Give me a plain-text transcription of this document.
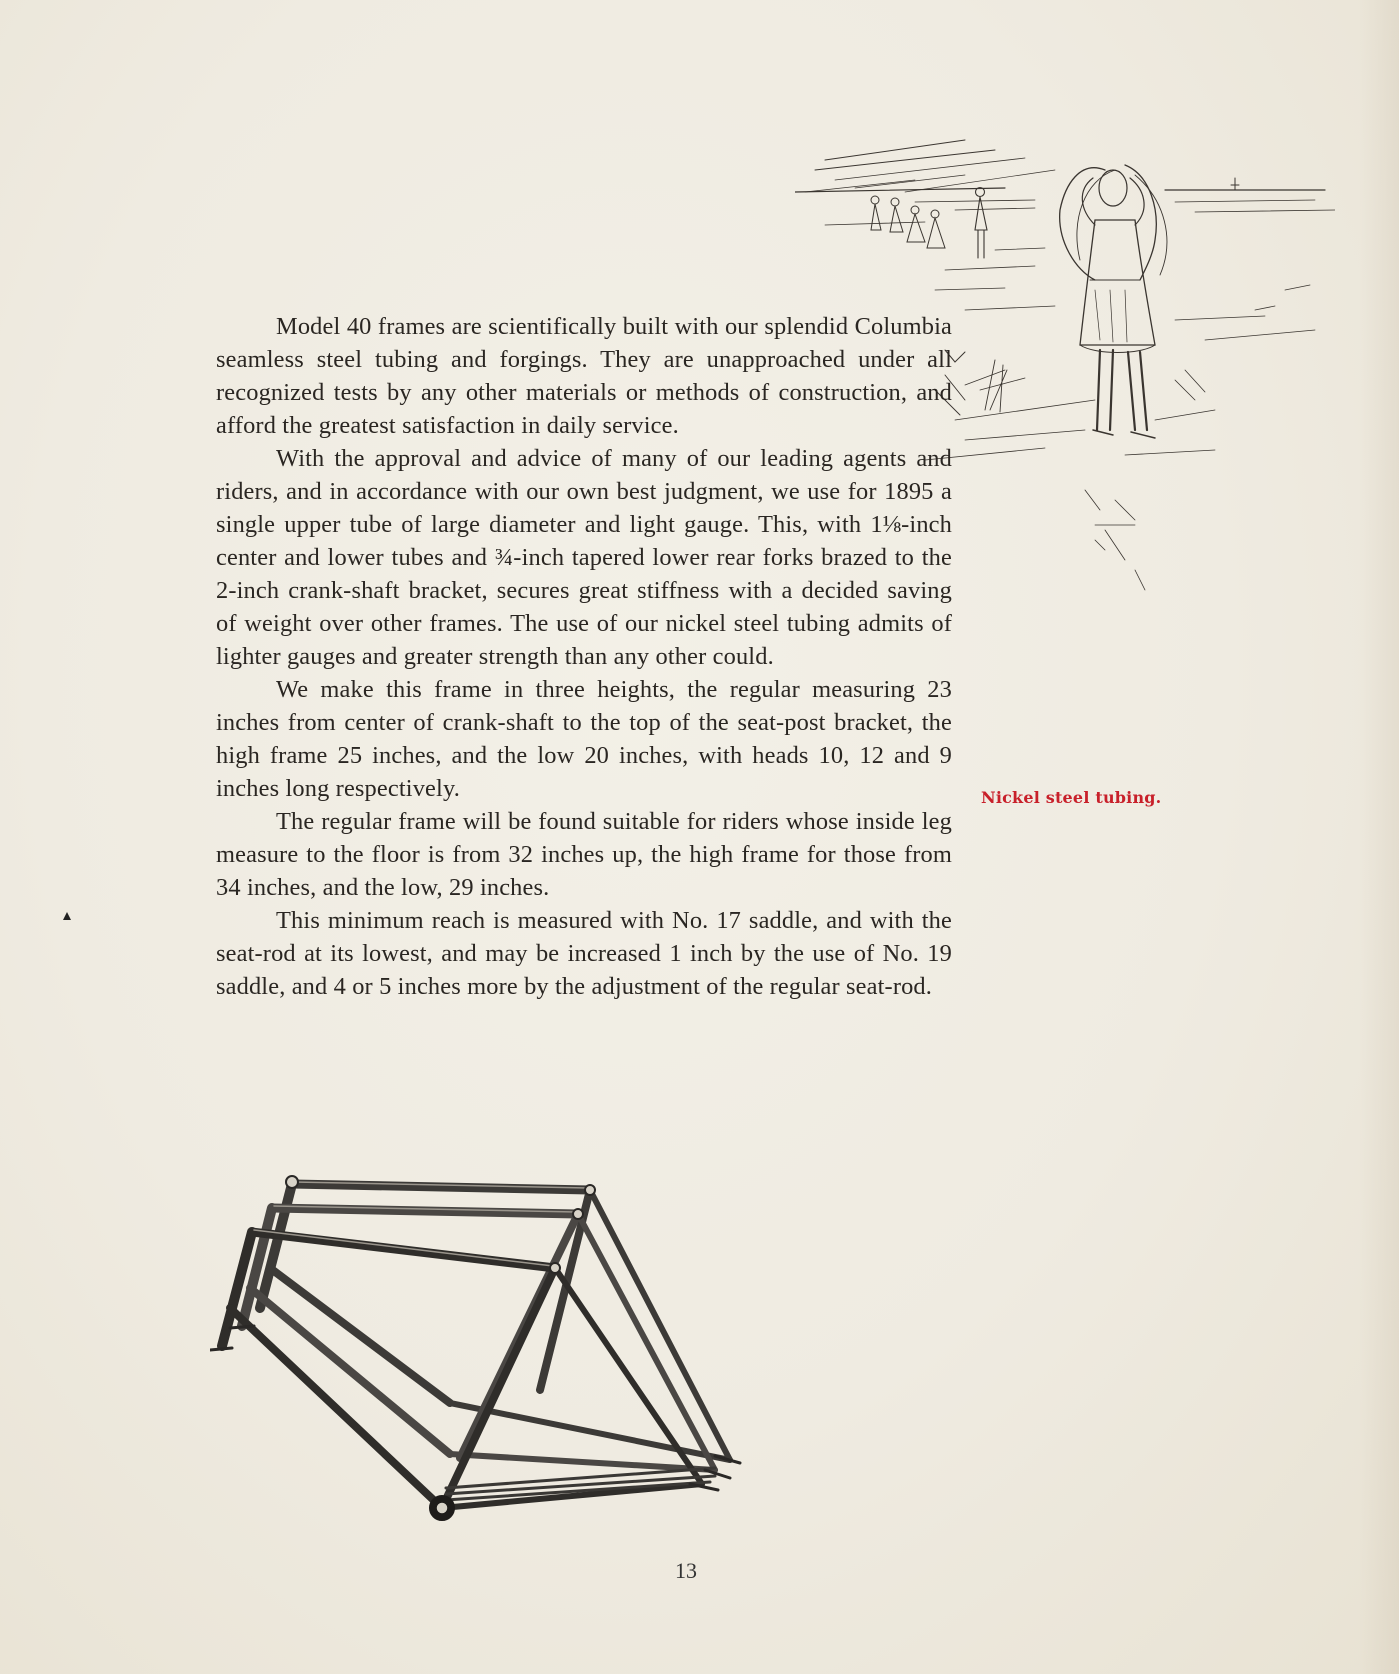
Model 40 frames are scientifically built with our splendid Columbia seamless steel tubing and forgings. They are unapproached under all recognized tests by any other materials or methods of construction, and afford the greatest satisfaction in daily service.

With the approval and advice of many of our leading agents and riders, and in accordance with our own best judgment, we use for 1895 a single upper tube of large diameter and light gauge. This, with 1⅛-inch center and lower tubes and ¾-inch tapered lower rear forks brazed to the 2-inch crank-shaft bracket, secures great stiffness with a decided saving of weight over other frames. The use of our nickel steel tubing admits of lighter gauges and greater strength than any other could.

We make this frame in three heights, the regular measuring 23 inches from center of crank-shaft to the top of the seat-post bracket, the high frame 25 inches, and the low 20 inches, with heads 10, 12 and 9 inches long respectively.

The regular frame will be found suitable for riders whose inside leg measure to the floor is from 32 inches up, the high frame for those from 34 inches, and the low, 29 inches.

This minimum reach is measured with No. 17 saddle, and with the seat-rod at its lowest, and may be increased 1 inch by the use of No. 19 saddle, and 4 or 5 inches more by the adjustment of the regular seat-rod.

Nickel steel tubing.
13
